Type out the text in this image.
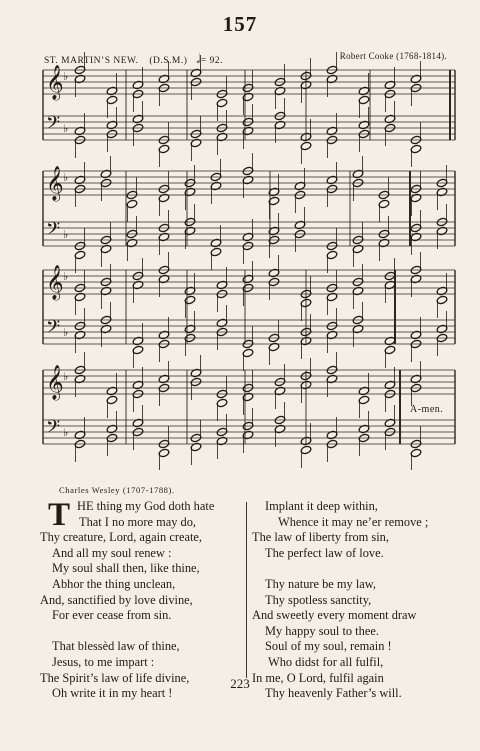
157
ST. MARTIN’S NEW. (D.S.M.) 𝅗𝅥= 92.	Robert Cooke (1768-1814).
𝄞 ♭
𝄢 ♭
𝄞 ♭
𝄢 ♭
𝄞 ♭
𝄢 ♭
𝄞 ♭
𝄢 ♭
A-men.
Charles Wesley (1707-1788).
T HE thing my God doth hate
That I no more may do,
Thy creature, Lord, again create,
And all my soul renew :
My soul shall then, like thine,
Abhor the thing unclean,
And, sanctified by love divine,
For ever cease from sin.
That blessèd law of thine,
Jesus, to me impart :
The Spirit’s law of life divine,
Oh write it in my heart !
Implant it deep within,
Whence it may ne’er remove ;
The law of liberty from sin,
The perfect law of love.
Thy nature be my law,
Thy spotless sanctity,
And sweetly every moment draw
My happy soul to thee.
Soul of my soul, remain !
Who didst for all fulfil,
In me, O Lord, fulfil again
Thy heavenly Father’s will.
223
